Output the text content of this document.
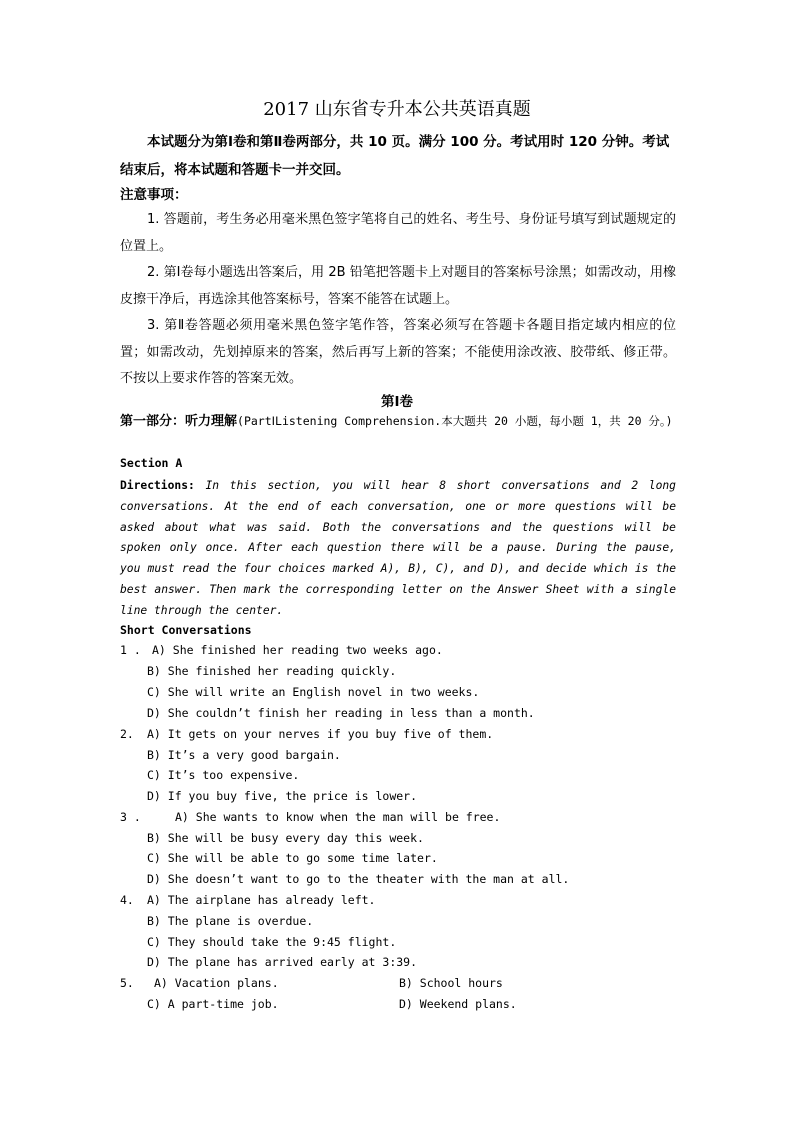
2017 山东省专升本公共英语真题
本试题分为第Ⅰ卷和第Ⅱ卷两部分，共 10 页。满分 100 分。考试用时 120 分钟。考试结束后，将本试题和答题卡一并交回。
注意事项：
1. 答题前，考生务必用毫米黑色签字笔将自己的姓名、考生号、身份证号填写到试题规定的位置上。
2. 第Ⅰ卷每小题选出答案后，用 2B 铅笔把答题卡上对题目的答案标号涂黑；如需改动，用橡皮擦干净后，再选涂其他答案标号，答案不能答在试题上。
3. 第Ⅱ卷答题必须用毫米黑色签字笔作答，答案必须写在答题卡各题目指定域内相应的位置；如需改动，先划掉原来的答案，然后再写上新的答案；不能使用涂改液、胶带纸、修正带。不按以上要求作答的答案无效。
第Ⅰ卷
第一部分：听力理解(PartⅠListening Comprehension.本大题共 20 小题，每小题 1，共 20 分。)
Section A
Directions: In this section, you will hear 8 short conversations and 2 long conversations. At the end of each conversation, one or more questions will be asked about what was said. Both the conversations and the questions will be spoken only once. After each question there will be a pause. During the pause, you must read the four choices marked A), B), C), and D), and decide which is the best answer. Then mark the corresponding letter on the Answer Sheet with a single line through the center.
Short Conversations
1 . A) She finished her reading two weeks ago.
B) She finished her reading quickly.
C) She will write an English novel in two weeks.
D) She couldn’t finish her reading in less than a month.
2. A) It gets on your nerves if you buy five of them.
B) It’s a very good bargain.
C) It’s too expensive.
D) If you buy five, the price is lower.
3 .	A) She wants to know when the man will be free.
B) She will be busy every day this week.
C) She will be able to go some time later.
D) She doesn’t want to go to the theater with the man at all.
4. A) The airplane has already left.
B) The plane is overdue.
C) They should take the 9:45 flight.
D) The plane has arrived early at 3:39.
5. A) Vacation plans.	B) School hours
C) A part-time job.	D) Weekend plans.
